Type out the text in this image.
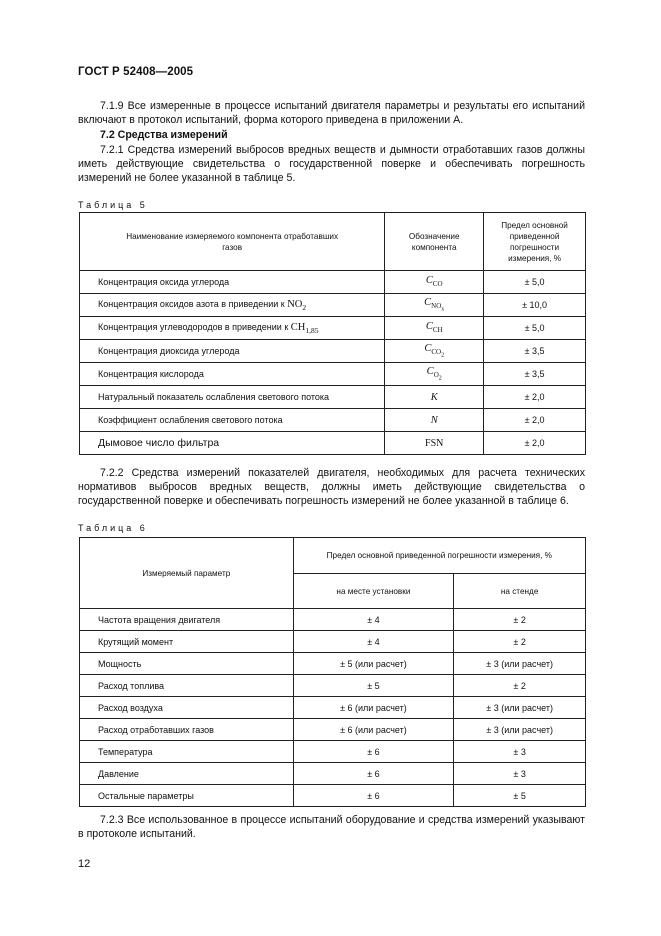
ГОСТ Р 52408—2005
7.1.9 Все измеренные в процессе испытаний двигателя параметры и результаты его испытаний включают в протокол испытаний, форма которого приведена в приложении А.
7.2 Средства измерений
7.2.1 Средства измерений выбросов вредных веществ и дымности отработавших газов должны иметь действующие свидетельства о государственной поверке и обеспечивать погрешность измерений не более указанной в таблице 5.
Таблица 5
Наименование измеряемого компонента отработавших газов	Обозначение компонента	Предел основной приведенной погрешности измерения, %
Концентрация оксида углерода	$C_{CO}$	± 5,0
Концентрация оксидов азота в приведении к $NO_2$	$C_{NO_x}$	± 10,0
Концентрация углеводородов в приведении к $CH_{1,85}$	$C_{CH}$	± 5,0
Концентрация диоксида углерода	$C_{CO_2}$	± 3,5
Концентрация кислорода	$C_{O_2}$	± 3,5
Натуральный показатель ослабления светового потока	K	± 2,0
Коэффициент ослабления светового потока	N	± 2,0
Дымовое число фильтра	FSN	± 2,0
7.2.2 Средства измерений показателей двигателя, необходимых для расчета технических нормативов выбросов вредных веществ, должны иметь действующие свидетельства о государственной поверке и обеспечивать погрешность измерений не более указанной в таблице 6.
Таблица 6
Измеряемый параметр	Предел основной приведенной погрешности измерения, %	
	на месте установки	на стенде
Частота вращения двигателя	± 4	± 2
Крутящий момент	± 4	± 2
Мощность	± 5 (или расчет)	± 3 (или расчет)
Расход топлива	± 5	± 2
Расход воздуха	± 6 (или расчет)	± 3 (или расчет)
Расход отработавших газов	± 6 (или расчет)	± 3 (или расчет)
Температура	± 6	± 3
Давление	± 6	± 3
Остальные параметры	± 6	± 5
7.2.3 Все использованное в процессе испытаний оборудование и средства измерений указывают в протоколе испытаний.
12
